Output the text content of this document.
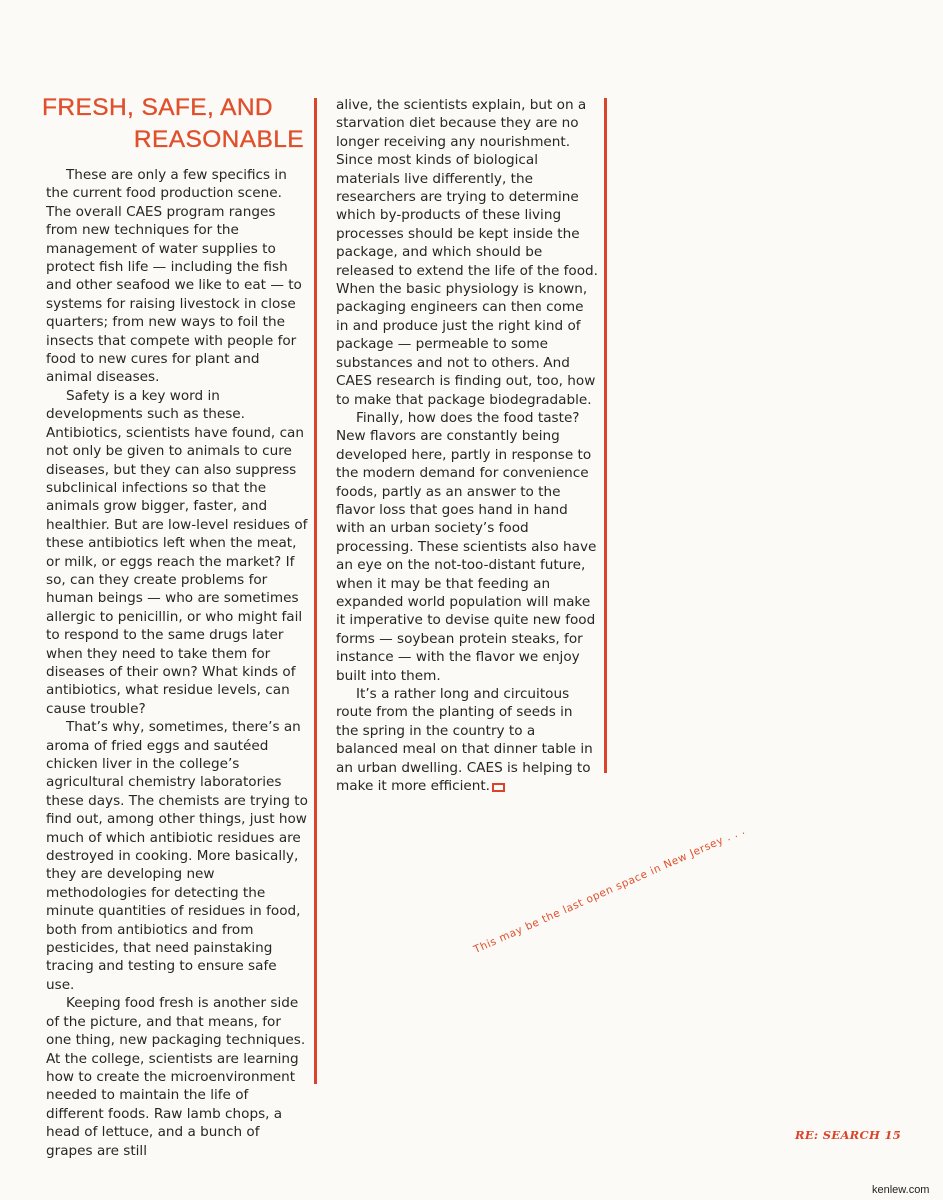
FRESH, SAFE, AND
REASONABLE

These are only a few specifics in the current food production scene. The overall CAES program ranges from new techniques for the management of water supplies to protect fish life — including the fish and other seafood we like to eat — to systems for raising livestock in close quarters; from new ways to foil the insects that compete with people for food to new cures for plant and animal diseases.

Safety is a key word in developments such as these. Antibiotics, scientists have found, can not only be given to animals to cure diseases, but they can also suppress subclinical infections so that the animals grow bigger, faster, and healthier. But are low-level residues of these antibiotics left when the meat, or milk, or eggs reach the market? If so, can they create problems for human beings — who are sometimes allergic to penicillin, or who might fail to respond to the same drugs later when they need to take them for diseases of their own? What kinds of antibiotics, what residue levels, can cause trouble?

That’s why, sometimes, there’s an aroma of fried eggs and sautéed chicken liver in the college’s agricultural chemistry laboratories these days. The chemists are trying to find out, among other things, just how much of which antibiotic residues are destroyed in cooking. More basically, they are developing new methodologies for detecting the minute quantities of residues in food, both from antibiotics and from pesticides, that need painstaking tracing and testing to ensure safe use.

Keeping food fresh is another side of the picture, and that means, for one thing, new packaging techniques. At the college, scientists are learning how to create the microenvironment needed to maintain the life of different foods. Raw lamb chops, a head of lettuce, and a bunch of grapes are still

alive, the scientists explain, but on a starvation diet because they are no longer receiving any nourishment. Since most kinds of biological materials live differently, the researchers are trying to determine which by-products of these living processes should be kept inside the package, and which should be released to extend the life of the food. When the basic physiology is known, packaging engineers can then come in and produce just the right kind of package — permeable to some substances and not to others. And CAES research is finding out, too, how to make that package biodegradable.

Finally, how does the food taste? New flavors are constantly being developed here, partly in response to the modern demand for convenience foods, partly as an answer to the flavor loss that goes hand in hand with an urban society’s food processing. These scientists also have an eye on the not-too-distant future, when it may be that feeding an expanded world population will make it imperative to devise quite new food forms — soybean protein steaks, for instance — with the flavor we enjoy built into them.

It’s a rather long and circuitous route from the planting of seeds in the spring in the country to a balanced meal on that dinner table in an urban dwelling. CAES is helping to make it more efficient.

This may be the last open space in New Jersey . . .
RE: SEARCH 15
kenlew.com
